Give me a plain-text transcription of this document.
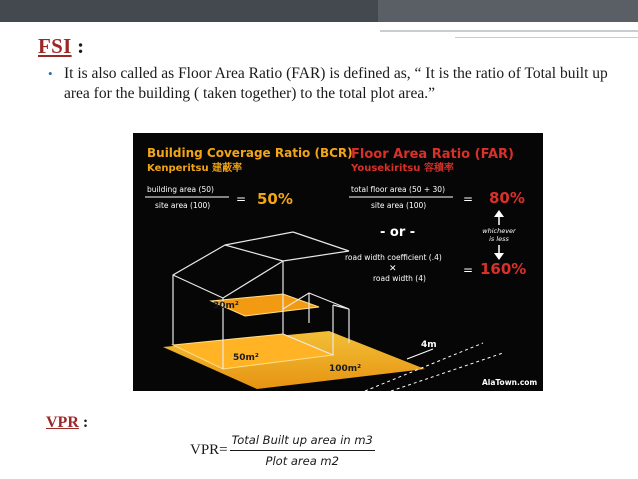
FSI :
• It is also called as Floor Area Ratio (FAR) is defined as, “ It is the ratio of Total built up area for the building ( taken together) to the total plot area.”
Building Coverage Ratio (BCR)
Kenperitsu 建蔽率
building area (50)
site area (100) = 50%
Floor Area Ratio (FAR)
Yousekiritsu 容積率
total floor area (50 + 30)
site area (100)	= 80%
whichever
is less
- or -
road width coefficient (.4)
✕
road width (4)
= 160%
30m²
50m²
100m²
4m
AlaTown.com
VPR :
$VPR= \frac{\text{Total Built up area in m3}}{\text{Plot area m2}}$
